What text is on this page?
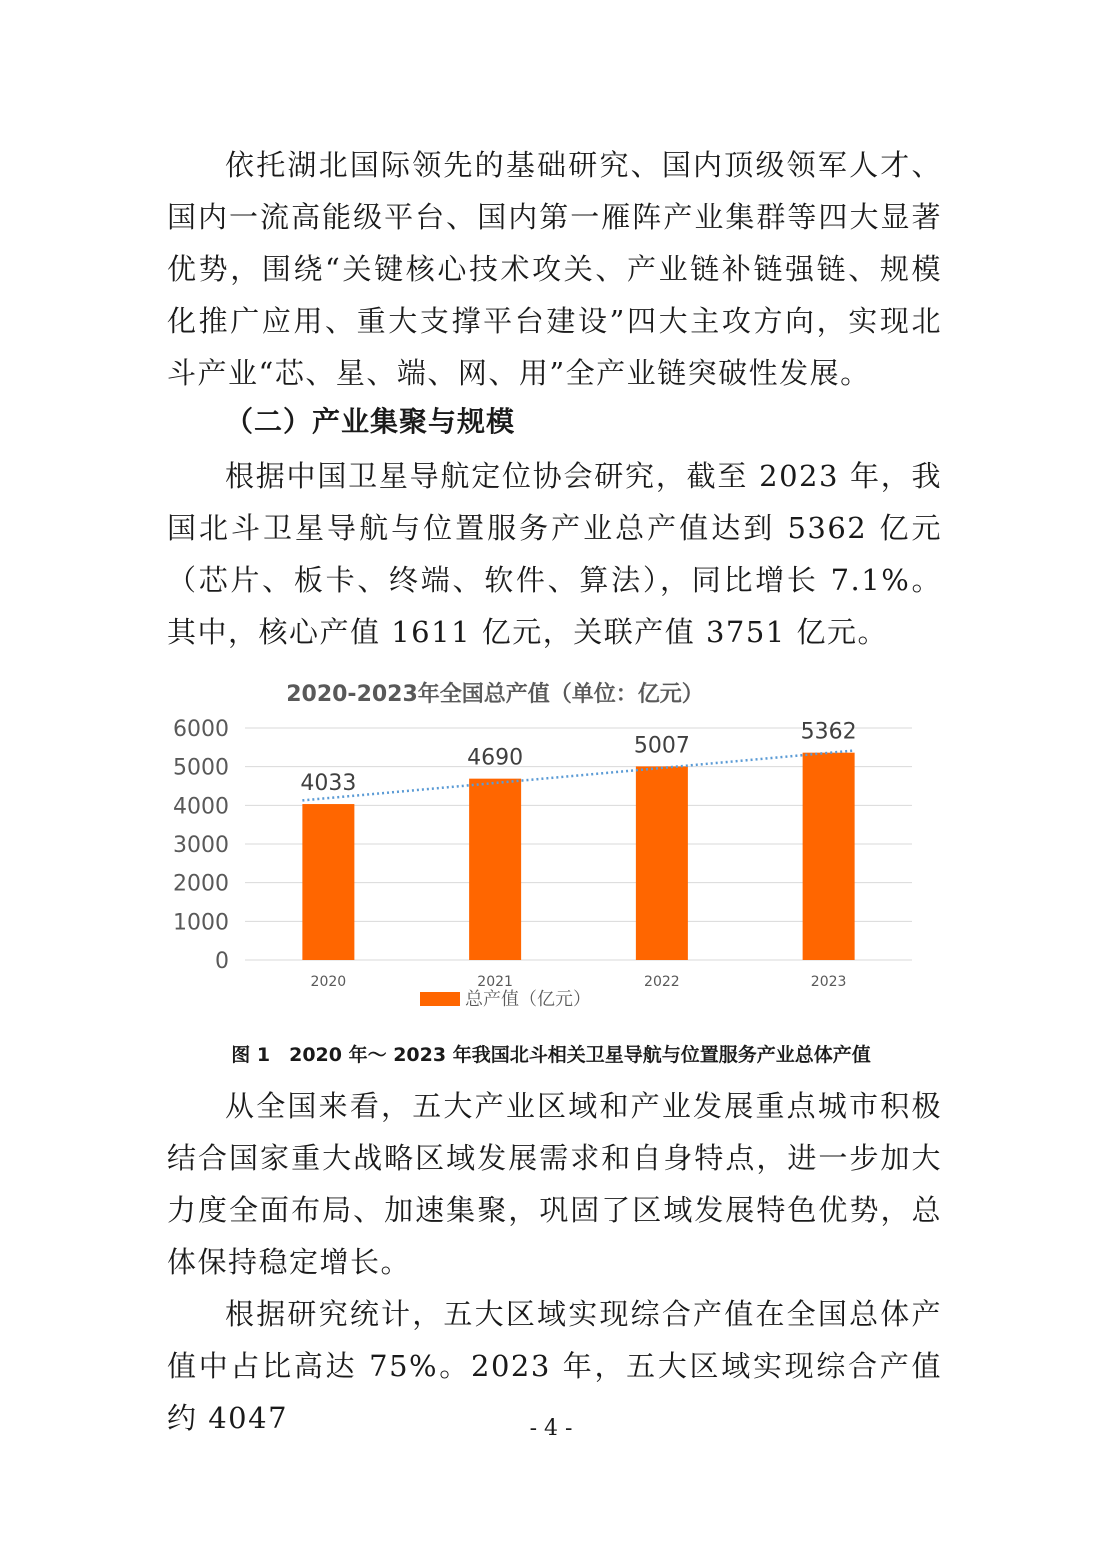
依托湖北国际领先的基础研究、国内顶级领军人才、国内一流高能级平台、国内第一雁阵产业集群等四大显著优势，围绕“关键核心技术攻关、产业链补链强链、规模化推广应用、重大支撑平台建设”四大主攻方向，实现北斗产业“芯、星、端、网、用”全产业链突破性发展。

（二）产业集聚与规模

根据中国卫星导航定位协会研究，截至 2023 年，我国北斗卫星导航与位置服务产业总产值达到 5362 亿元（芯片、板卡、终端、软件、算法），同比增长 7.1%。其中，核心产值 1611 亿元，关联产值 3751 亿元。

2020-2023年全国总产值（单位：亿元）
0
1000
2000
3000
4000
5000
6000
4033
4690	5007
5362
2020	2021	2022	2023
总产值（亿元）

图 1　2020 年～ 2023 年我国北斗相关卫星导航与位置服务产业总体产值

从全国来看，五大产业区域和产业发展重点城市积极结合国家重大战略区域发展需求和自身特点，进一步加大力度全面布局、加速集聚，巩固了区域发展特色优势，总体保持稳定增长。

根据研究统计，五大区域实现综合产值在全国总体产值中占比高达 75%。2023 年，五大区域实现综合产值约 4047	- 4 -
